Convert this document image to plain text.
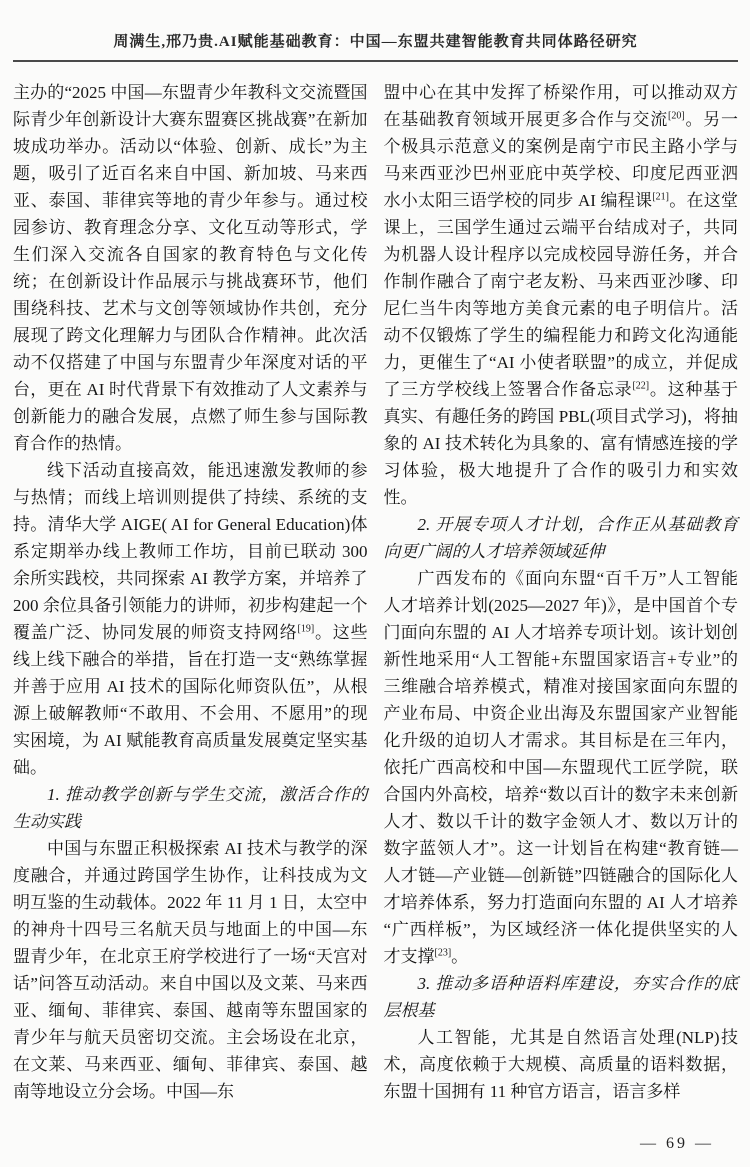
周满生,邢乃贵.AI赋能基础教育：中国—东盟共建智能教育共同体路径研究

主办的“2025 中国—东盟青少年教科文交流暨国际青少年创新设计大赛东盟赛区挑战赛”在新加坡成功举办。活动以“体验、创新、成长”为主题，吸引了近百名来自中国、新加坡、马来西亚、泰国、菲律宾等地的青少年参与。通过校园参访、教育理念分享、文化互动等形式，学生们深入交流各自国家的教育特色与文化传统；在创新设计作品展示与挑战赛环节，他们围绕科技、艺术与文创等领域协作共创，充分展现了跨文化理解力与团队合作精神。此次活动不仅搭建了中国与东盟青少年深度对话的平台，更在 AI 时代背景下有效推动了人文素养与创新能力的融合发展，点燃了师生参与国际教育合作的热情。

线下活动直接高效，能迅速激发教师的参与热情；而线上培训则提供了持续、系统的支持。清华大学 AIGE( AI for General Education)体系定期举办线上教师工作坊，目前已联动 300 余所实践校，共同探索 AI 教学方案，并培养了 200 余位具备引领能力的讲师，初步构建起一个覆盖广泛、协同发展的师资支持网络[19]。这些线上线下融合的举措，旨在打造一支“熟练掌握并善于应用 AI 技术的国际化师资队伍”，从根源上破解教师“不敢用、不会用、不愿用”的现实困境，为 AI 赋能教育高质量发展奠定坚实基础。

1. 推动教学创新与学生交流，激活合作的生动实践

中国与东盟正积极探索 AI 技术与教学的深度融合，并通过跨国学生协作，让科技成为文明互鉴的生动载体。2022 年 11 月 1 日，太空中的神舟十四号三名航天员与地面上的中国—东盟青少年，在北京王府学校进行了一场“天宫对话”问答互动活动。来自中国以及文莱、马来西亚、缅甸、菲律宾、泰国、越南等东盟国家的青少年与航天员密切交流。主会场设在北京，在文莱、马来西亚、缅甸、菲律宾、泰国、越南等地设立分会场。中国—东

盟中心在其中发挥了桥梁作用，可以推动双方在基础教育领域开展更多合作与交流[20]。另一个极具示范意义的案例是南宁市民主路小学与马来西亚沙巴州亚庇中英学校、印度尼西亚泗水小太阳三语学校的同步 AI 编程课[21]。在这堂课上，三国学生通过云端平台结成对子，共同为机器人设计程序以完成校园导游任务，并合作制作融合了南宁老友粉、马来西亚沙嗲、印尼仁当牛肉等地方美食元素的电子明信片。活动不仅锻炼了学生的编程能力和跨文化沟通能力，更催生了“AI 小使者联盟”的成立，并促成了三方学校线上签署合作备忘录[22]。这种基于真实、有趣任务的跨国 PBL(项目式学习)，将抽象的 AI 技术转化为具象的、富有情感连接的学习体验，极大地提升了合作的吸引力和实效性。

2. 开展专项人才计划，合作正从基础教育向更广阔的人才培养领域延伸

广西发布的《面向东盟“百千万”人工智能人才培养计划(2025—2027 年)》，是中国首个专门面向东盟的 AI 人才培养专项计划。该计划创新性地采用“人工智能+东盟国家语言+专业”的三维融合培养模式，精准对接国家面向东盟的产业布局、中资企业出海及东盟国家产业智能化升级的迫切人才需求。其目标是在三年内，依托广西高校和中国—东盟现代工匠学院，联合国内外高校，培养“数以百计的数字未来创新人才、数以千计的数字金领人才、数以万计的数字蓝领人才”。这一计划旨在构建“教育链—人才链—产业链—创新链”四链融合的国际化人才培养体系，努力打造面向东盟的 AI 人才培养“广西样板”，为区域经济一体化提供坚实的人才支撑[23]。

3. 推动多语种语料库建设，夯实合作的底层根基

人工智能，尤其是自然语言处理(NLP)技术，高度依赖于大规模、高质量的语料数据，东盟十国拥有 11 种官方语言，语言多样

— 69 —
